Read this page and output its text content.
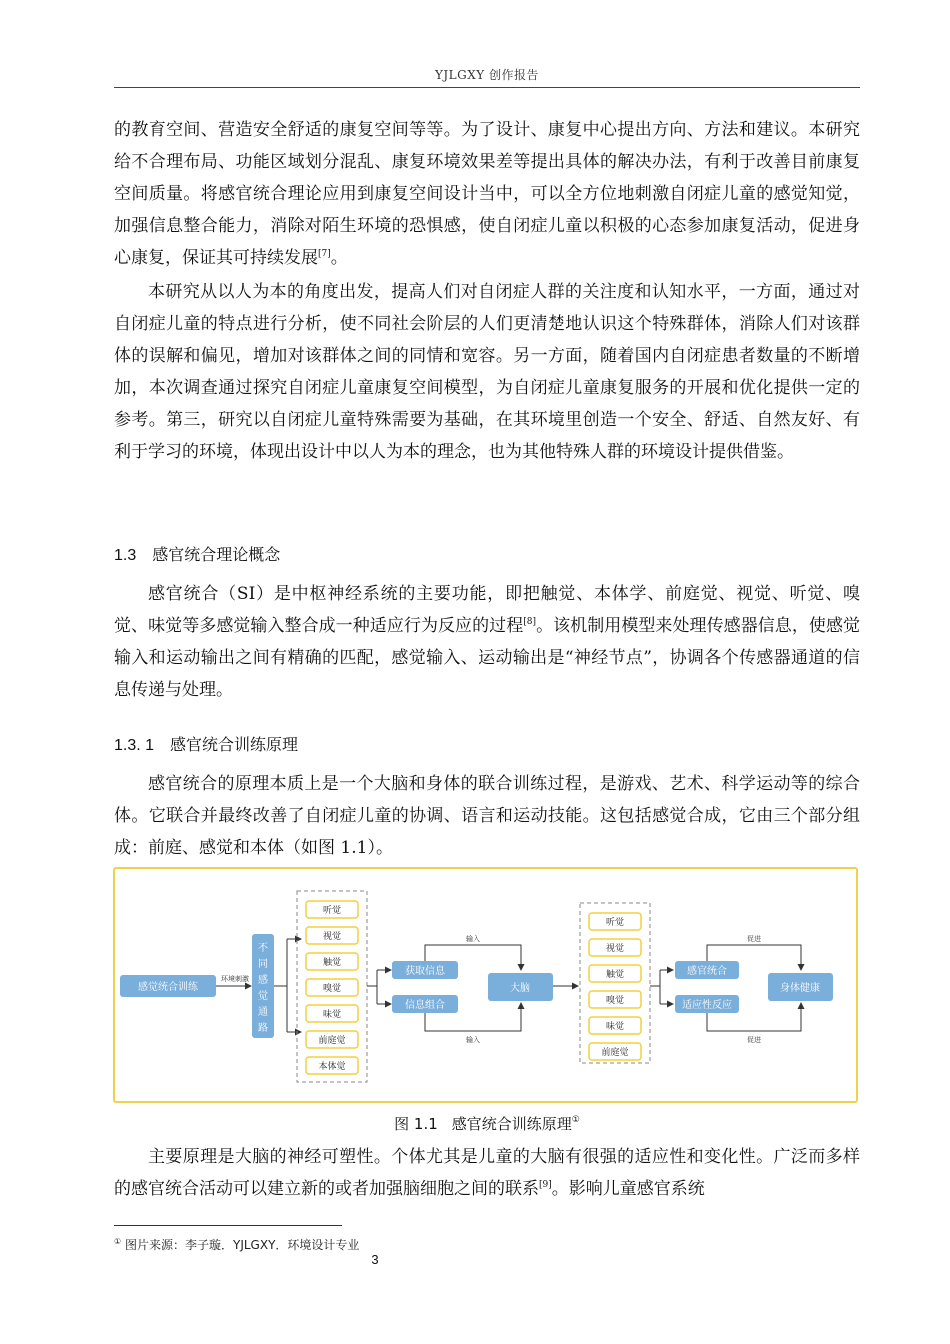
YJLGXY 创作报告

的教育空间、营造安全舒适的康复空间等等。为了设计、康复中心提出方向、方法和建议。本研究给不合理布局、功能区域划分混乱、康复环境效果差等提出具体的解决办法，有利于改善目前康复空间质量。将感官统合理论应用到康复空间设计当中，可以全方位地刺激自闭症儿童的感觉知觉，加强信息整合能力，消除对陌生环境的恐惧感，使自闭症儿童以积极的心态参加康复活动，促进身心康复，保证其可持续发展[7]。

本研究从以人为本的角度出发，提高人们对自闭症人群的关注度和认知水平，一方面，通过对自闭症儿童的特点进行分析，使不同社会阶层的人们更清楚地认识这个特殊群体，消除人们对该群体的误解和偏见，增加对该群体之间的同情和宽容。另一方面，随着国内自闭症患者数量的不断增加，本次调查通过探究自闭症儿童康复空间模型，为自闭症儿童康复服务的开展和优化提供一定的参考。第三，研究以自闭症儿童特殊需要为基础，在其环境里创造一个安全、舒适、自然友好、有利于学习的环境，体现出设计中以人为本的理念，也为其他特殊人群的环境设计提供借鉴。

1.3 感官统合理论概念

感官统合（SI）是中枢神经系统的主要功能，即把触觉、本体学、前庭觉、视觉、听觉、嗅觉、味觉等多感觉输入整合成一种适应行为反应的过程[8]。该机制用模型来处理传感器信息，使感觉输入和运动输出之间有精确的匹配，感觉输入、运动输出是“神经节点”，协调各个传感器通道的信息传递与处理。

1.3. 1 感官统合训练原理

感官统合的原理本质上是一个大脑和身体的联合训练过程，是游戏、艺术、科学运动等的综合体。它联合并最终改善了自闭症儿童的协调、语言和运动技能。这包括感觉合成，它由三个部分组成：前庭、感觉和本体（如图 1.1）。

感觉统合训练
环境刺激
不
同
感
觉
通
路
听觉
视觉
触觉
嗅觉
味觉
前庭觉
本体觉
获取信息
信息组合
输入
输入
大脑
听觉
视觉
触觉
嗅觉
味觉
前庭觉
感官统合
适应性反应
促进
促进
身体健康
图 1.1 感官统合训练原理①

主要原理是大脑的神经可塑性。个体尤其是儿童的大脑有很强的适应性和变化性。广泛而多样的感官统合活动可以建立新的或者加强脑细胞之间的联系[9]。影响儿童感官系统

① 图片来源：李子璇．YJLGXY．环境设计专业
3
